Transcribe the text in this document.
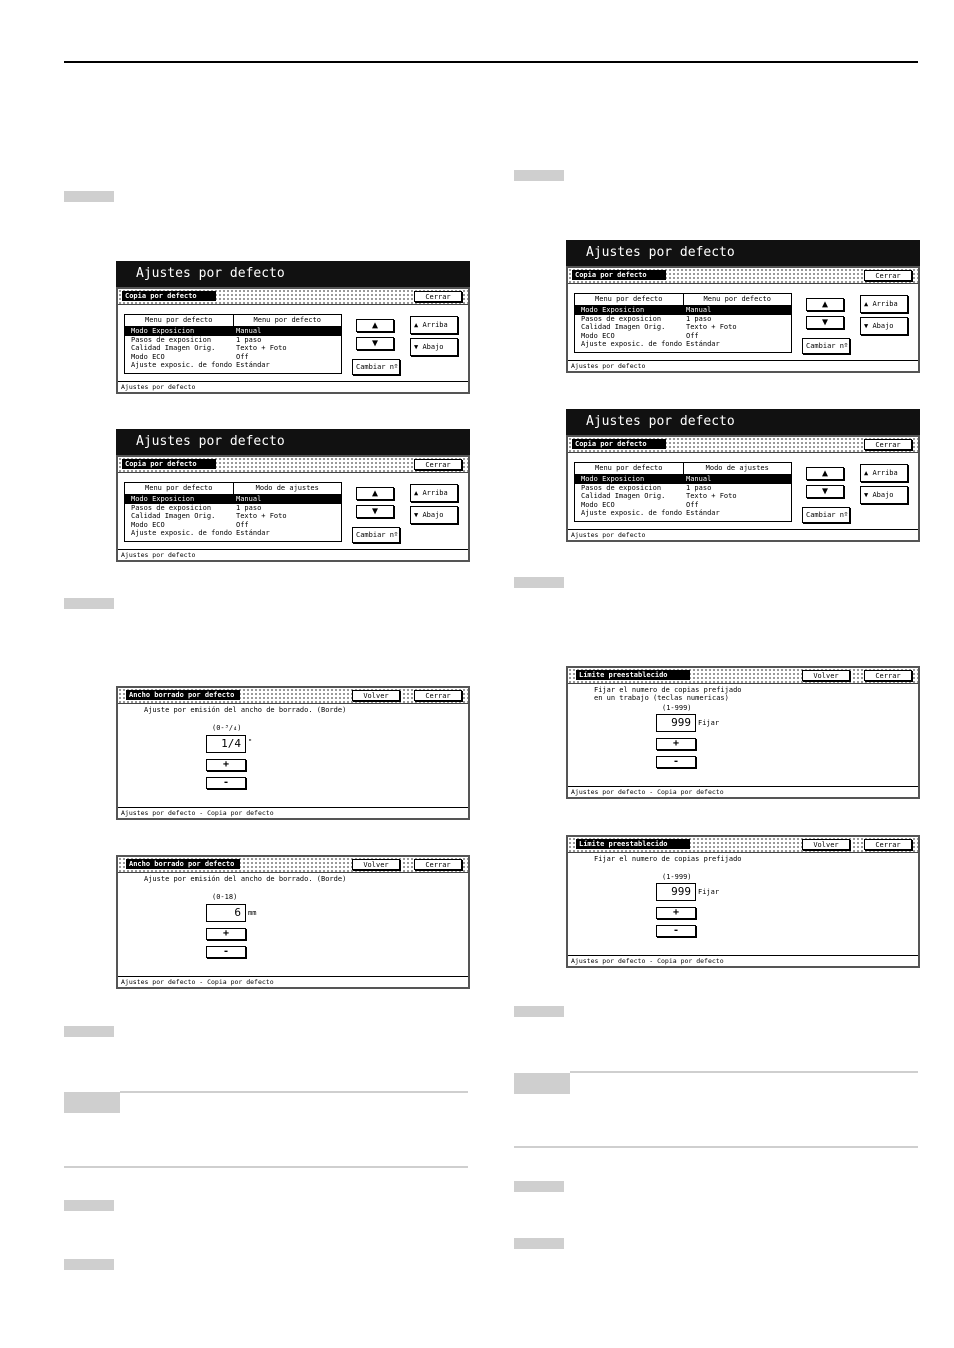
Ajustes por defecto
Copia por defecto	Cerrar
Menu por defecto	Menu por defecto
Modo Exposicion	Manual
Pasos de exposicion	1 paso
Calidad Imagen Orig.	Texto + Foto
Modo ECO	Off
Ajuste exposic. de fondo Estándar
▲
▼
▲ Arriba
▼ Abajo
Cambiar nº
Ajustes por defecto
Ajustes por defecto
Copia por defecto	Cerrar
Menu por defecto	Modo de ajustes
Modo Exposicion	Manual
Pasos de exposicion	1 paso
Calidad Imagen Orig.	Texto + Foto
Modo ECO	Off
Ajuste exposic. de fondo Estándar
▲
▼
▲ Arriba
▼ Abajo
Cambiar nº
Ajustes por defecto
Ajustes por defecto
Copia por defecto	Cerrar
Menu por defecto	Menu por defecto
Modo Exposicion	Manual
Pasos de exposicion	1 paso
Calidad Imagen Orig.	Texto + Foto
Modo ECO	Off
Ajuste exposic. de fondo Estándar
▲
▼
▲ Arriba
▼ Abajo
Cambiar nº
Ajustes por defecto
Ajustes por defecto
Copia por defecto	Cerrar
Menu por defecto	Modo de ajustes
Modo Exposicion	Manual
Pasos de exposicion	1 paso
Calidad Imagen Orig.	Texto + Foto
Modo ECO	Off
Ajuste exposic. de fondo Estándar
▲
▼
▲ Arriba
▼ Abajo
Cambiar nº
Ajustes por defecto
Ancho borrado por defecto	Volver	Cerrar
Ajuste por emisión del ancho de borrado. (Borde)
(0-³/₄)
1/4	"
+
-
Ajustes por defecto - Copia por defecto
Ancho borrado por defecto	Volver	Cerrar
Ajuste por emisión del ancho de borrado. (Borde)
(0-18)
6	mm
+
-
Ajustes por defecto - Copia por defecto
Límite preestablecido	Volver	Cerrar
Fijar el numero de copias prefijado
en un trabajo (teclas numericas)
(1-999)
999	Fijar
+
-
Ajustes por defecto - Copia por defecto
Límite preestablecido	Volver	Cerrar
Fijar el numero de copias prefijado
(1-999)
999	Fijar
+
-
Ajustes por defecto - Copia por defecto
